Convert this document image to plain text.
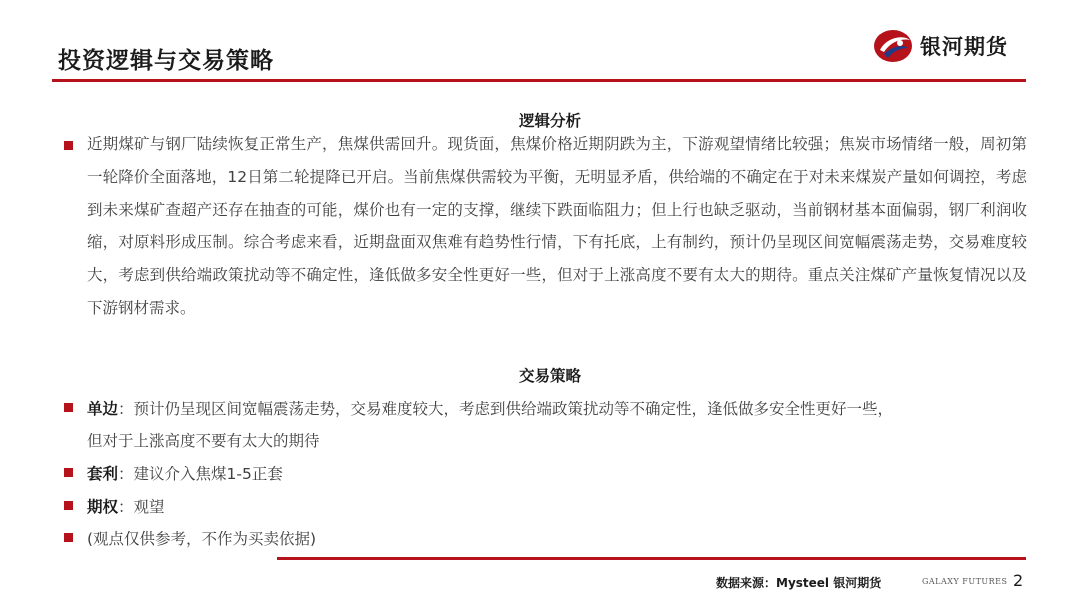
投资逻辑与交易策略
银河期货
逻辑分析
近期煤矿与钢厂陆续恢复正常生产，焦煤供需回升。现货面，焦煤价格近期阴跌为主，下游观望情绪比较强；焦炭市场情绪一般，周初第一轮降价全面落地，12日第二轮提降已开启。当前焦煤供需较为平衡，无明显矛盾，供给端的不确定在于对未来煤炭产量如何调控，考虑到未来煤矿查超产还存在抽查的可能，煤价也有一定的支撑，继续下跌面临阻力；但上行也缺乏驱动，当前钢材基本面偏弱，钢厂利润收缩，对原料形成压制。综合考虑来看，近期盘面双焦难有趋势性行情，下有托底，上有制约，预计仍呈现区间宽幅震荡走势，交易难度较大，考虑到供给端政策扰动等不确定性，逢低做多安全性更好一些，但对于上涨高度不要有太大的期待。重点关注煤矿产量恢复情况以及下游钢材需求。
交易策略
单边：预计仍呈现区间宽幅震荡走势，交易难度较大，考虑到供给端政策扰动等不确定性，逢低做多安全性更好一些，
但对于上涨高度不要有太大的期待
套利：建议介入焦煤1-5正套
期权：观望
(观点仅供参考，不作为买卖依据)
数据来源：Mysteel 银河期货	GALAXY FUTURES 2
